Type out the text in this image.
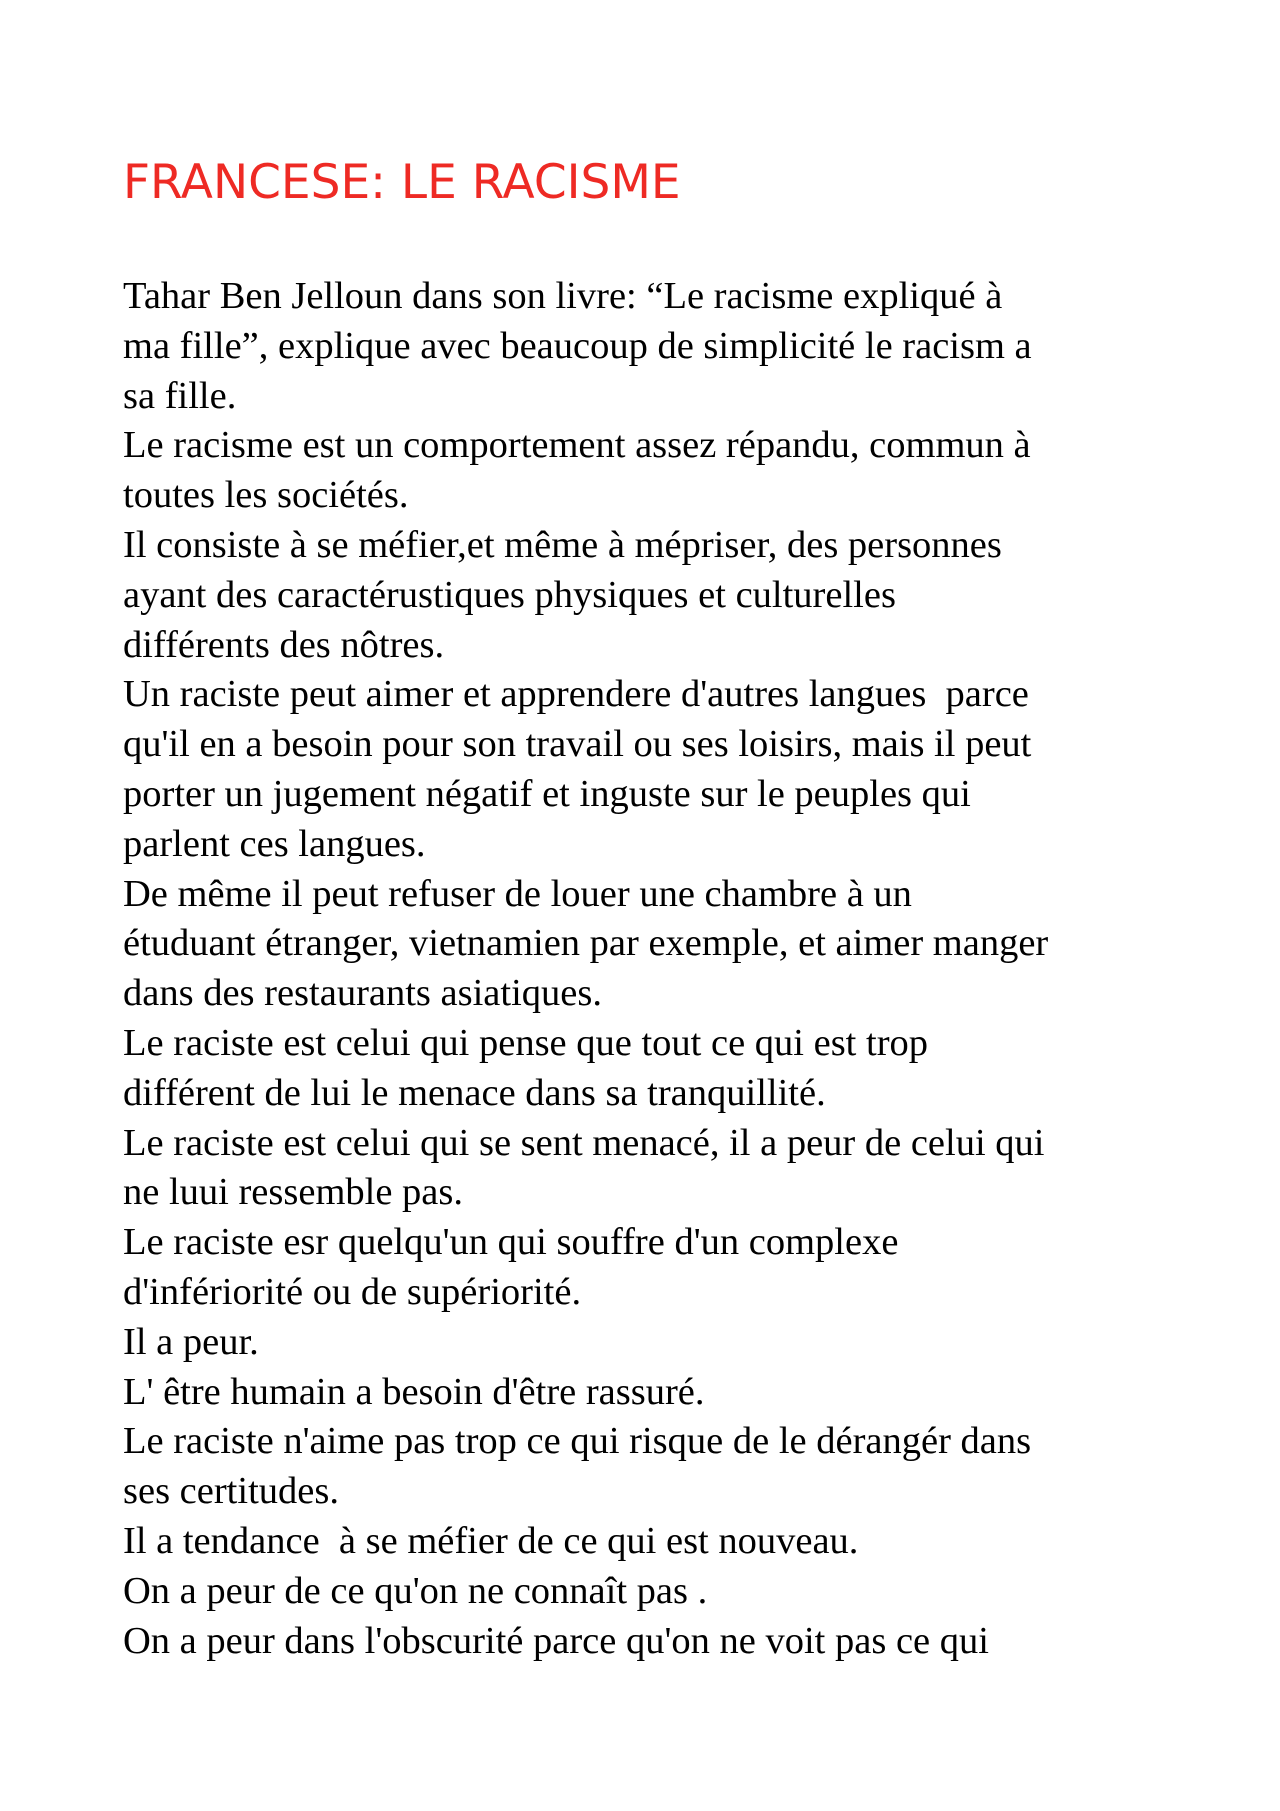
FRANCESE: LE RACISME
Tahar Ben Jelloun dans son livre: “Le racisme expliqué à
ma fille”, explique avec beaucoup de simplicité le racism a
sa fille.
Le racisme est un comportement assez répandu, commun à
toutes les sociétés.
Il consiste à se méfier,et même à mépriser, des personnes
ayant des caractérustiques physiques et culturelles
différents des nôtres.
Un raciste peut aimer et apprendere d'autres langues  parce
qu'il en a besoin pour son travail ou ses loisirs, mais il peut
porter un jugement négatif et inguste sur le peuples qui
parlent ces langues.
De même il peut refuser de louer une chambre à un
étuduant étranger, vietnamien par exemple, et aimer manger
dans des restaurants asiatiques.
Le raciste est celui qui pense que tout ce qui est trop
différent de lui le menace dans sa tranquillité.
Le raciste est celui qui se sent menacé, il a peur de celui qui
ne luui ressemble pas.
Le raciste esr quelqu'un qui souffre d'un complexe
d'infériorité ou de supériorité.
Il a peur.
L' être humain a besoin d'être rassuré.
Le raciste n'aime pas trop ce qui risque de le dérangér dans
ses certitudes.
Il a tendance  à se méfier de ce qui est nouveau.
On a peur de ce qu'on ne connaît pas .
On a peur dans l'obscurité parce qu'on ne voit pas ce qui
